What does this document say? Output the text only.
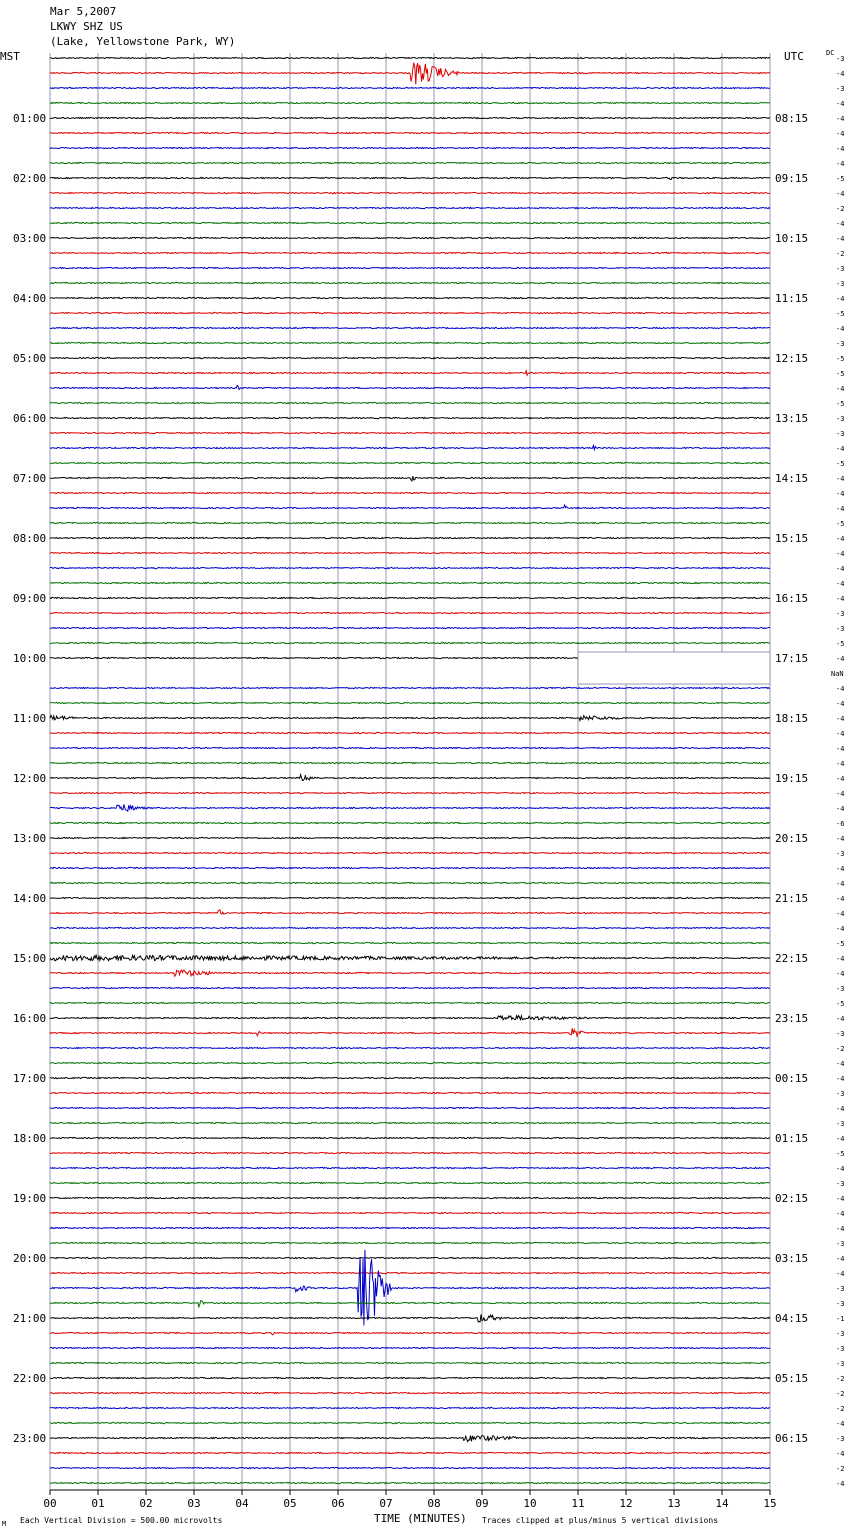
Mar 5,2007
LKWY SHZ US
(Lake, Yellowstone Park, WY)
MST	UTC	DC
01:00
02:00
03:00
04:00
05:00
06:00
07:00
08:00
09:00
10:00
11:00
12:00
13:00
14:00
15:00
16:00
17:00
18:00
19:00
20:00
21:00
22:00
23:00
08:15
09:15
10:15
11:15
12:15
13:15
14:15
15:15
16:15
17:15
18:15
19:15
20:15
21:15
22:15
23:15
00:15
01:15
02:15
03:15
04:15
05:15
06:15
-3
-4
-3
-4
-4
-4
-4
-4
-5
-4
-2
-4
-4
-2
-3
-3
-4
-5
-4
-3
-5
-5
-4
-5
-3
-3
-4
-5
-4
-4
-4
-5
-4
-4
-4
-4
-4
-3
-3
-5
-4
-4
-4
-4
-4
-4
-4
-4
-4
-4
-6
-4
-3
-4
-4
-4
-4
-4
-5
-4
-4
-3
-5
-4
-3
-2
-4
-4
-3
-4
-3
-4
-5
-4
-3
-4
-4
-4
-3
-4
-4
-3
-3
-1
-3
-3
-3
-2
-2
-2
-4
-3
-4
-2
-4
00	01	02	03	04	05	06	07	08	09	10	11	12	13	14	15
NaN
M Each Vertical Division = 500.00 microvolts	TIME (MINUTES) Traces clipped at plus/minus 5 vertical divisions
